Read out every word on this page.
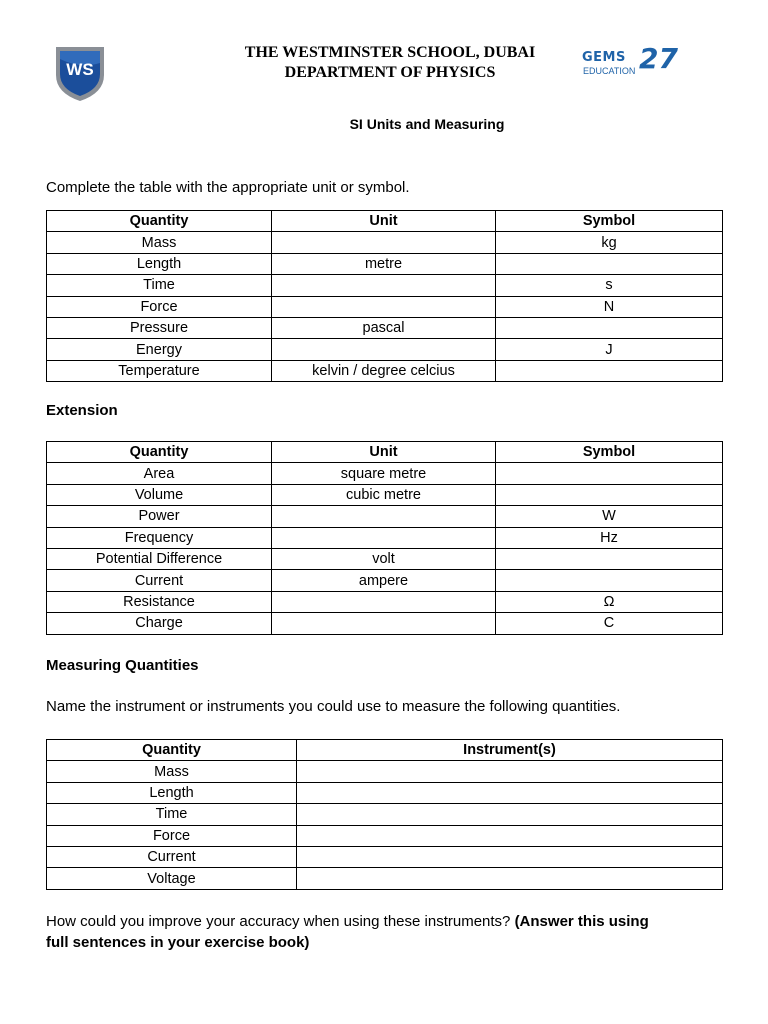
WS
GEMS
EDUCATION 27
THE WESTMINSTER SCHOOL, DUBAI
DEPARTMENT OF PHYSICS
SI Units and Measuring
Complete the table with the appropriate unit or symbol.
Quantity	Unit	Symbol
Mass		kg
Length	metre	
Time		s
Force		N
Pressure	pascal	
Energy		J
Temperature	kelvin / degree celcius	
Extension
Quantity	Unit	Symbol
Area	square metre	
Volume	cubic metre	
Power		W
Frequency		Hz
Potential Difference	volt	
Current	ampere	
Resistance		Ω
Charge		C
Measuring Quantities
Name the instrument or instruments you could use to measure the following quantities.
Quantity	Instrument(s)
Mass	
Length	
Time	
Force	
Current	
Voltage	
How could you improve your accuracy when using these instruments? (Answer this using
full sentences in your exercise book)
